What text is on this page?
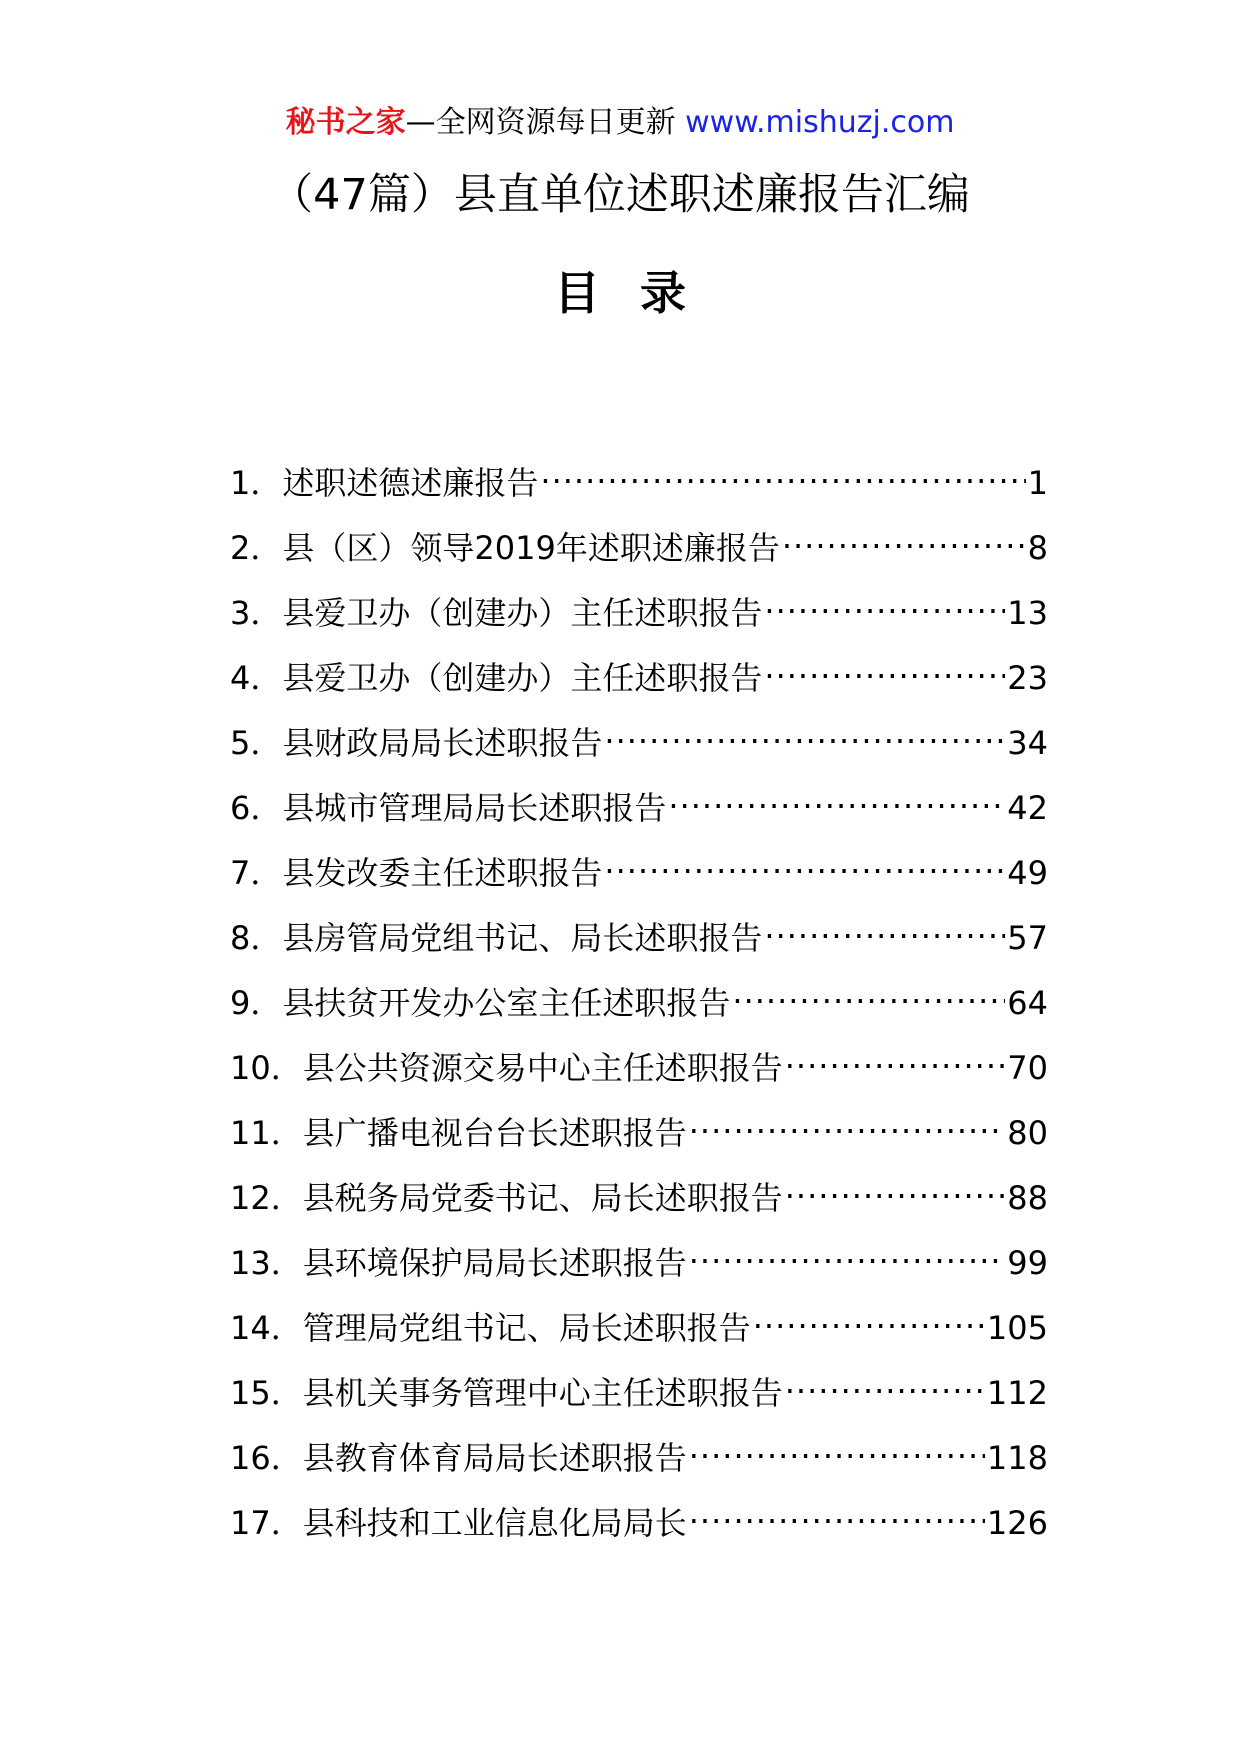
秘书之家—全网资源每日更新 www.mishuzj.com
（47篇）县直单位述职述廉报告汇编
目录
1． 述职述德述廉报告 .....	1
2． 县（区）领导2019年述职述廉报告 .....	8
3． 县爱卫办（创建办）主任述职报告 .....	13
4． 县爱卫办（创建办）主任述职报告 .....	23
5． 县财政局局长述职报告 .....	34
6． 县城市管理局局长述职报告 .....	42
7． 县发改委主任述职报告 .....	49
8． 县房管局党组书记、局长述职报告 .....	57
9． 县扶贫开发办公室主任述职报告 .....	64
10． 县公共资源交易中心主任述职报告 .....	70
11． 县广播电视台台长述职报告 .....	80
12． 县税务局党委书记、局长述职报告 .....	88
13． 县环境保护局局长述职报告 .....	99
14． 管理局党组书记、局长述职报告 .....	105
15． 县机关事务管理中心主任述职报告 .....	112
16． 县教育体育局局长述职报告 .....	118
17． 县科技和工业信息化局局长 .....	126
